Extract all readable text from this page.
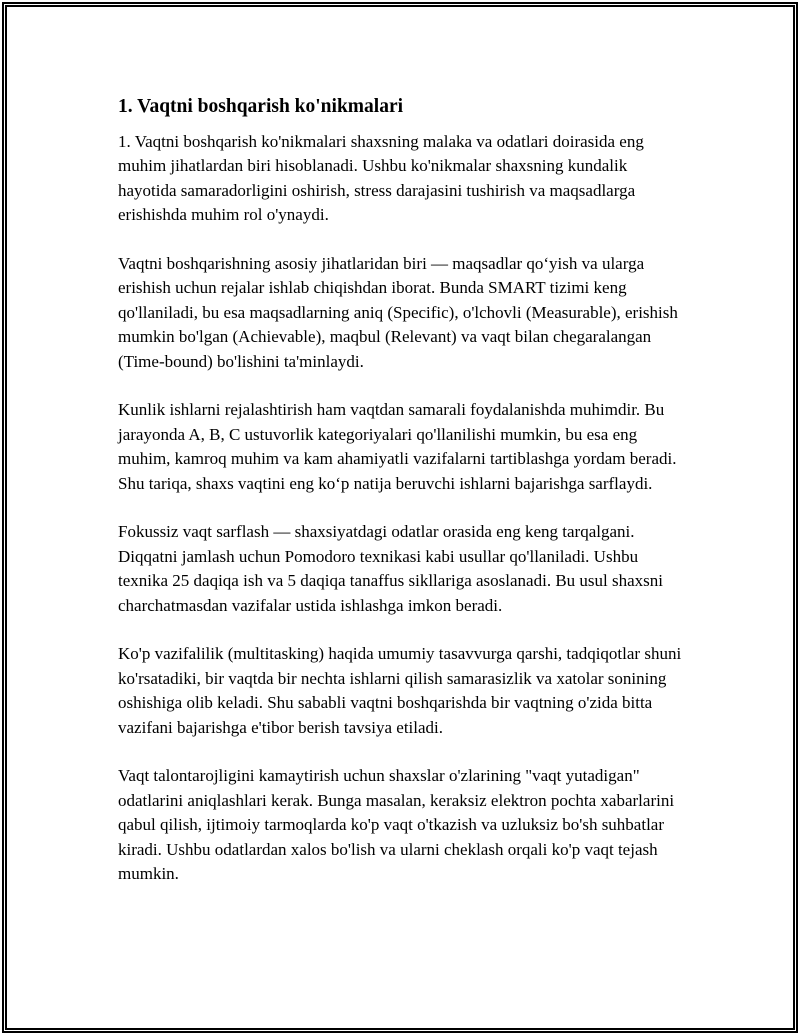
1. Vaqtni boshqarish ko'nikmalari

1. Vaqtni boshqarish ko'nikmalari shaxsning malaka va odatlari doirasida eng muhim jihatlardan biri hisoblanadi. Ushbu ko'nikmalar shaxsning kundalik hayotida samaradorligini oshirish, stress darajasini tushirish va maqsadlarga erishishda muhim rol o'ynaydi.

Vaqtni boshqarishning asosiy jihatlaridan biri — maqsadlar qo‘yish va ularga erishish uchun rejalar ishlab chiqishdan iborat. Bunda SMART tizimi keng qo'llaniladi, bu esa maqsadlarning aniq (Specific), o'lchovli (Measurable), erishish mumkin bo'lgan (Achievable), maqbul (Relevant) va vaqt bilan chegaralangan (Time-bound) bo'lishini ta'minlaydi.

Kunlik ishlarni rejalashtirish ham vaqtdan samarali foydalanishda muhimdir. Bu jarayonda A, B, C ustuvorlik kategoriyalari qo'llanilishi mumkin, bu esa eng muhim, kamroq muhim va kam ahamiyatli vazifalarni tartiblashga yordam beradi. Shu tariqa, shaxs vaqtini eng ko‘p natija beruvchi ishlarni bajarishga sarflaydi.

Fokussiz vaqt sarflash — shaxsiyatdagi odatlar orasida eng keng tarqalgani. Diqqatni jamlash uchun Pomodoro texnikasi kabi usullar qo'llaniladi. Ushbu texnika 25 daqiqa ish va 5 daqiqa tanaffus sikllariga asoslanadi. Bu usul shaxsni charchatmasdan vazifalar ustida ishlashga imkon beradi.

Ko'p vazifalilik (multitasking) haqida umumiy tasavvurga qarshi, tadqiqotlar shuni ko'rsatadiki, bir vaqtda bir nechta ishlarni qilish samarasizlik va xatolar sonining oshishiga olib keladi. Shu sababli vaqtni boshqarishda bir vaqtning o'zida bitta vazifani bajarishga e'tibor berish tavsiya etiladi.

Vaqt talontarojligini kamaytirish uchun shaxslar o'zlarining "vaqt yutadigan" odatlarini aniqlashlari kerak. Bunga masalan, keraksiz elektron pochta xabarlarini qabul qilish, ijtimoiy tarmoqlarda ko'p vaqt o'tkazish va uzluksiz bo'sh suhbatlar kiradi. Ushbu odatlardan xalos bo'lish va ularni cheklash orqali ko'p vaqt tejash mumkin.
